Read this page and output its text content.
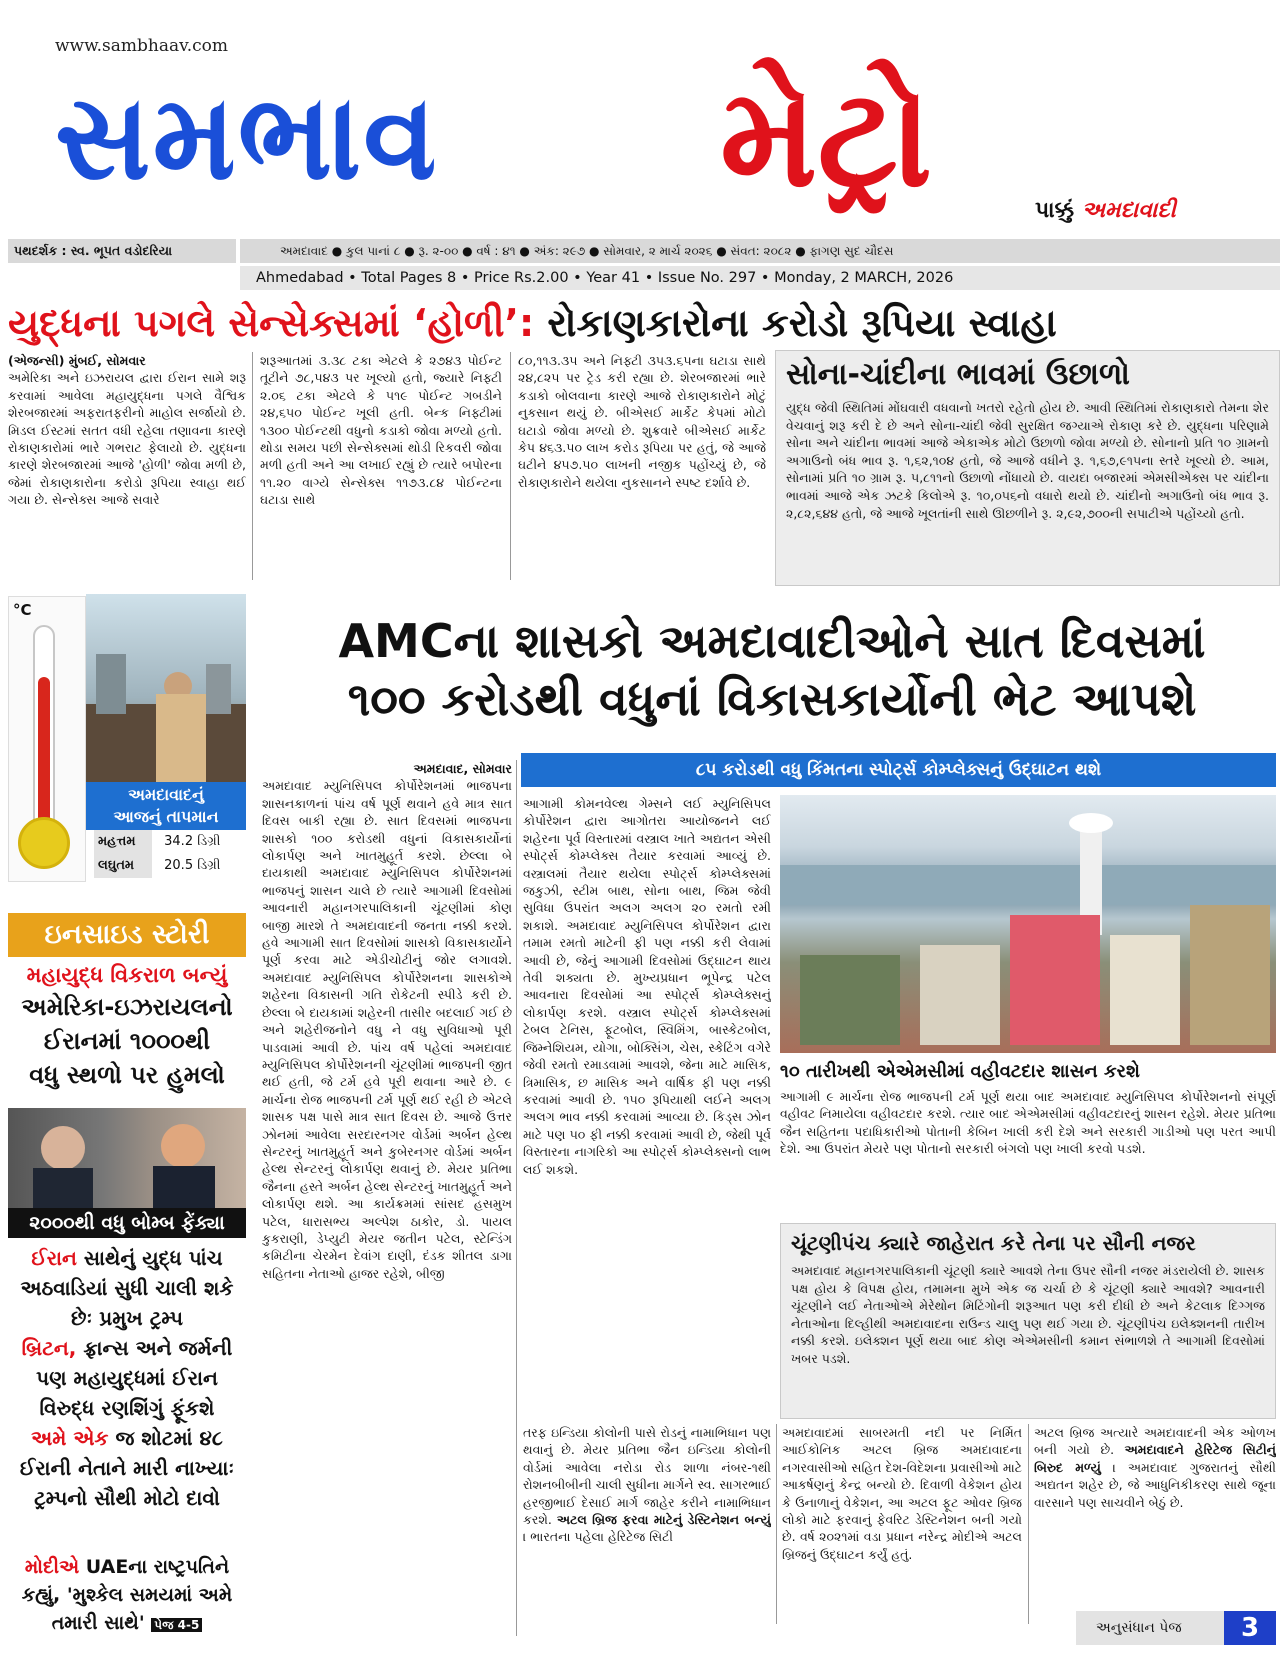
www.sambhaav.com
સમભાવ મેટ્રો	પાક્કું અમદાવાદી
પથદર્શક : સ્વ. ભૂપત વડોદરિયા	અમદાવાદ ● કુલ પાનાં ૮ ● રૂ. ૨-૦૦ ● વર્ષ : ૪૧ ● અંક: ૨૯૭ ● સોમવાર, ૨ માર્ચ ૨૦૨૬ ● સંવત: ૨૦૮૨ ● ફાગણ સુદ ચૌદસ
Ahmedabad • Total Pages 8 • Price Rs.2.00 • Year 41 • Issue No. 297 • Monday, 2 MARCH, 2026
યુદ્ધના પગલે સેન્સેક્સમાં ‘હોળી’: રોકાણકારોના કરોડો રૂપિયા સ્વાહા
(એજન્સી) મુંબઈ, સોમવાર
અમેરિકા અને ઇઝરાયલ દ્વારા ઈરાન સામે શરૂ કરવામાં આવેલા મહાયુદ્ધના પગલે વૈશ્વિક શેરબજારમાં અફરાતફરીનો માહોલ સર્જાયો છે. મિડલ ઈસ્ટમાં સતત વધી રહેલા તણાવના કારણે રોકાણકારોમાં ભારે ગભરાટ ફેલાયો છે. યુદ્ધના કારણે શેરબજારમાં આજે 'હોળી' જોવા મળી છે, જેમાં રોકાણકારોના કરોડો રૂપિયા સ્વાહા થઈ ગયા છે. સેન્સેક્સ આજે સવારે
શરૂઆતમાં ૩.૩૮ ટકા એટલે કે ૨૭૪૩ પોઈન્ટ તૂટીને ૭૮,૫૪૩ પર ખૂલ્યો હતો, જ્યારે નિફ્ટી ૨.૦૬ ટકા એટલે કે ૫૧૯ પોઈન્ટ ગબડીને ૨૪,૬૫૦ પોઈન્ટ ખૂલી હતી. બેન્ક નિફ્ટીમાં ૧૩૦૦ પોઈન્ટથી વધુનો કડાકો જોવા મળ્યો હતો. થોડા સમય પછી સેન્સેક્સમાં થોડી રિકવરી જોવા મળી હતી અને આ લખાઈ રહ્યું છે ત્યારે બપોરના ૧૧.૨૦ વાગ્યે સેન્સેક્સ ૧૧૭૩.૮૪ પોઈન્ટના ઘટાડા સાથે
૮૦,૧૧૩.૩૫ અને નિફ્ટી ૩૫૩.૬૫ના ઘટાડા સાથે ૨૪,૮૨૫ પર ટ્રેડ કરી રહ્યા છે. શેરબજારમાં ભારે કડાકો બોલવાના કારણે આજે રોકાણકારોને મોટું નુકસાન થયું છે. બીએસઈ માર્કેટ કેપમાં મોટો ઘટાડો જોવા મળ્યો છે. શુક્રવારે બીએસઈ માર્કેટ કેપ ૪૬૩.૫૦ લાખ કરોડ રૂપિયા પર હતું, જે આજે ઘટીને ૪૫૭.૫૦ લાખની નજીક પહોંચ્યું છે, જે રોકાણકારોને થયેલા નુકસાનને સ્પષ્ટ દર્શાવે છે.
સોના-ચાંદીના ભાવમાં ઉછાળો
યુદ્ધ જેવી સ્થિતિમાં મોંઘવારી વધવાનો ખતરો રહેતો હોય છે. આવી સ્થિતિમાં રોકાણકારો તેમના શેર વેચવાનું શરૂ કરી દે છે અને સોના-ચાંદી જેવી સુરક્ષિત જગ્યાએ રોકાણ કરે છે. યુદ્ધના પરિણામે સોના અને ચાંદીના ભાવમાં આજે એકાએક મોટો ઉછાળો જોવા મળ્યો છે. સોનાનો પ્રતિ ૧૦ ગ્રામનો અગાઉનો બંધ ભાવ રૂ. ૧,૬૨,૧૦૪ હતો, જે આજે વધીને રૂ. ૧,૬૭,૯૧૫ના સ્તરે ખૂલ્યો છે. આમ, સોનામાં પ્રતિ ૧૦ ગ્રામ રૂ. ૫,૮૧૧નો ઉછાળો નોંધાયો છે. વાયદા બજારમાં એમસીએક્સ પર ચાંદીના ભાવમાં આજે એક ઝટકે કિલોએ રૂ. ૧૦,૦૫૬નો વધારો થયો છે. ચાંદીનો અગાઉનો બંધ ભાવ રૂ. ૨,૮૨,૬૪૪ હતો, જે આજે ખૂલતાંની સાથે ઊછળીને રૂ. ૨,૯૨,૭૦૦ની સપાટીએ પહોંચ્યો હતો.
°C
અમદાવાદનું
આજનું તાપમાન
મહત્તમ 34.2 ડિગ્રી
લઘુતમ 20.5 ડિગ્રી
ઇનસાઇડ સ્ટોરી
મહાયુદ્ધ વિકરાળ બન્યું
અમેરિકા-ઇઝરાયલનો
ઈરાનમાં ૧૦૦૦થી
વધુ સ્થળો પર હુમલો
૨૦૦૦થી વધુ બોમ્બ ફેંક્યા
ઈરાન સાથેનું યુદ્ધ પાંચ અઠવાડિયાં સુધી ચાલી શકે છેઃ પ્રમુખ ટ્રમ્પ
બ્રિટન, ફ્રાન્સ અને જર્મની પણ મહાયુદ્ધમાં ઈરાન વિરુદ્ધ રણશિંગું ફૂંકશે
અમે એક જ શોટમાં ૪૮ ઈરાની નેતાને મારી નાખ્યાઃ ટ્રમ્પનો સૌથી મોટો દાવો
મોદીએ UAEના રાષ્ટ્રપતિને કહ્યું, 'મુશ્કેલ સમયમાં અમે તમારી સાથે' પેજ 4-5
AMCના શાસકો અમદાવાદીઓને સાત દિવસમાં
૧૦૦ કરોડથી વધુનાં વિકાસકાર્યોની ભેટ આપશે
અમદાવાદ, સોમવાર
અમદાવાદ મ્યુનિસિપલ કોર્પોરેશનમાં ભાજપના શાસનકાળનાં પાંચ વર્ષ પૂર્ણ થવાને હવે માત્ર સાત દિવસ બાકી રહ્યા છે. સાત દિવસમાં ભાજપના શાસકો ૧૦૦ કરોડથી વધુનાં વિકાસકાર્યોનાં લોકાર્પણ અને ખાતમુહૂર્ત કરશે. છેલ્લા બે દાયકાથી અમદાવાદ મ્યુનિસિપલ કોર્પોરેશનમાં ભાજપનું શાસન ચાલે છે ત્યારે આગામી દિવસોમાં આવનારી મહાનગરપાલિકાની ચૂંટણીમાં કોણ બાજી મારશે તે અમદાવાદની જનતા નક્કી કરશે. હવે આગામી સાત દિવસોમાં શાસકો વિકાસકાર્યોને પૂર્ણ કરવા માટે એડીચોટીનું જોર લગાવશે. અમદાવાદ મ્યુનિસિપલ કોર્પોરેશનના શાસકોએ શહેરના વિકાસની ગતિ રોકેટની સ્પીડે કરી છે. છેલ્લા બે દાયકામાં શહેરની તાસીર બદલાઈ ગઈ છે અને શહેરીજનોને વધુ ને વધુ સુવિધાઓ પૂરી પાડવામાં આવી છે. પાંચ વર્ષ પહેલાં અમદાવાદ મ્યુનિસિપલ કોર્પોરેશનની ચૂંટણીમાં ભાજપની જીત થઈ હતી, જે ટર્મ હવે પૂરી થવાના આરે છે. ૯ માર્ચના રોજ ભાજપની ટર્મ પૂર્ણ થઈ રહી છે એટલે શાસક પક્ષ પાસે માત્ર સાત દિવસ છે. આજે ઉત્તર ઝોનમાં આવેલા સરદારનગર વોર્ડમાં અર્બન હેલ્થ સેન્ટરનું ખાતમુહૂર્ત અને કુબેરનગર વોર્ડમાં અર્બન હેલ્થ સેન્ટરનું લોકાર્પણ થવાનું છે. મેયર પ્રતિભા જૈનના હસ્તે અર્બન હેલ્થ સેન્ટરનું ખાતમુહૂર્ત અને લોકાર્પણ થશે. આ કાર્યક્રમમાં સાંસદ હસમુખ પટેલ, ધારાસભ્ય અલ્પેશ ઠાકોર, ડો. પાયલ કુકરાણી, ડેપ્યુટી મેયર જતીન પટેલ, સ્ટેન્ડિંગ કમિટીના ચેરમેન દેવાંગ દાણી, દંડક શીતલ ડાગા સહિતના નેતાઓ હાજર રહેશે, બીજી
૮૫ કરોડથી વધુ કિંમતના સ્પોર્ટ્સ કોમ્પ્લેક્સનું ઉદ્ઘાટન થશે
આગામી કોમનવેલ્થ ગેમ્સને લઈ મ્યુનિસિપલ કોર્પોરેશન દ્વારા આગોતરા આયોજનને લઈ શહેરના પૂર્વ વિસ્તારમાં વસ્ત્રાલ ખાતે અદ્યતન એસી સ્પોર્ટ્સ કોમ્પ્લેક્સ તૈયાર કરવામાં આવ્યું છે. વસ્ત્રાલમાં તૈયાર થયેલા સ્પોર્ટ્સ કોમ્પ્લેક્સમાં જકુઝી, સ્ટીમ બાથ, સોના બાથ, જિમ જેવી સુવિધા ઉપરાંત અલગ અલગ ૨૦ રમતો રમી શકાશે. અમદાવાદ મ્યુનિસિપલ કોર્પોરેશન દ્વારા તમામ રમતો માટેની ફી પણ નક્કી કરી લેવામાં આવી છે, જેનું આગામી દિવસોમાં ઉદ્ઘાટન થાય તેવી શક્યતા છે. મુખ્યપ્રધાન ભૂપેન્દ્ર પટેલ આવનારા દિવસોમાં આ સ્પોર્ટ્સ કોમ્પ્લેક્સનું લોકાર્પણ કરશે. વસ્ત્રાલ સ્પોર્ટ્સ કોમ્પ્લેક્સમાં ટેબલ ટેનિસ, ફૂટબોલ, સ્વિમિંગ, બાસ્કેટબોલ, જિમ્નેશિયમ, યોગા, બોક્સિંગ, ચેસ, સ્કેટિંગ વગેરે જેવી રમતો રમાડવામાં આવશે, જેના માટે માસિક, ત્રિમાસિક, છ માસિક અને વાર્ષિક ફી પણ નક્કી કરવામાં આવી છે. ૧૫૦ રૂપિયાથી લઈને અલગ અલગ ભાવ નક્કી કરવામાં આવ્યા છે. કિડ્સ ઝોન માટે પણ ૫૦ ફી નક્કી કરવામાં આવી છે, જેથી પૂર્વ વિસ્તારના નાગરિકો આ સ્પોર્ટ્સ કોમ્પ્લેક્સનો લાભ લઈ શકશે.
૧૦ તારીખથી એએમસીમાં વહીવટદાર શાસન કરશે
આગામી ૯ માર્ચના રોજ ભાજપની ટર્મ પૂર્ણ થયા બાદ અમદાવાદ મ્યુનિસિપલ કોર્પોરેશનનો સંપૂર્ણ વહીવટ નિમાયેલા વહીવટદાર કરશે. ત્યાર બાદ એએમસીમાં વહીવટદારનું શાસન રહેશે. મેયર પ્રતિભા જૈન સહિતના પદાધિકારીઓ પોતાની કેબિન ખાલી કરી દેશે અને સરકારી ગાડીઓ પણ પરત આપી દેશે. આ ઉપરાંત મેયરે પણ પોતાનો સરકારી બંગલો પણ ખાલી કરવો પડશે.
ચૂંટણીપંચ ક્યારે જાહેરાત કરે તેના પર સૌની નજર
અમદાવાદ મહાનગરપાલિકાની ચૂંટણી ક્યારે આવશે તેના ઉપર સૌની નજર મંડરાયેલી છે. શાસક પક્ષ હોય કે વિપક્ષ હોય, તમામના મુખે એક જ ચર્ચા છે કે ચૂંટણી ક્યારે આવશે? આવનારી ચૂંટણીને લઈ નેતાઓએ મેરેથોન મિટિંગોની શરૂઆત પણ કરી દીધી છે અને કેટલાક દિગ્ગજ નેતાઓના દિલ્હીથી અમદાવાદના રાઉન્ડ ચાલુ પણ થઈ ગયા છે. ચૂંટણીપંચ ઇલેક્શનની તારીખ નક્કી કરશે. ઇલેક્શન પૂર્ણ થયા બાદ કોણ એએમસીની કમાન સંભાળશે તે આગામી દિવસોમાં ખબર પડશે.
તરફ ઇન્ડિયા કોલોની પાસે રોડનું નામાભિધાન પણ થવાનું છે. મેયર પ્રતિભા જૈન ઇન્ડિયા કોલોની વોર્ડમાં આવેલા નરોડા રોડ શાળા નંબર-૧થી રોશનબીબીની ચાલી સુધીના માર્ગને સ્વ. સાગરભાઈ હરજીભાઈ દેસાઈ માર્ગ જાહેર કરીને નામાભિધાન કરશે. અટલ બ્રિજ ફરવા માટેનું ડેસ્ટિનેશન બન્યું । ભારતના પહેલા હેરિટેજ સિટી
અમદાવાદમાં સાબરમતી નદી પર નિર્મિત આઈકોનિક અટલ બ્રિજ અમદાવાદના નગરવાસીઓ સહિત દેશ-વિદેશના પ્રવાસીઓ માટે આકર્ષણનું કેન્દ્ર બન્યો છે. દિવાળી વેકેશન હોય કે ઉનાળાનું વેકેશન, આ અટલ ફૂટ ઓવર બ્રિજ લોકો માટે ફરવાનું ફેવરિટ ડેસ્ટિનેશન બની ગયો છે. વર્ષ ૨૦૨૧માં વડા પ્રધાન નરેન્દ્ર મોદીએ અટલ બ્રિજનું ઉદ્ઘાટન કર્યું હતું.
અટલ બ્રિજ અત્યારે અમદાવાદની એક ઓળખ બની ગયો છે. અમદાવાદને હેરિટેજ સિટીનું બિરુદ મળ્યું । અમદાવાદ ગુજરાતનું સૌથી અદ્યતન શહેર છે, જે આધુનિકીકરણ સાથે જૂના વારસાને પણ સાચવીને બેઠું છે.
અનુસંધાન પેજ	3
